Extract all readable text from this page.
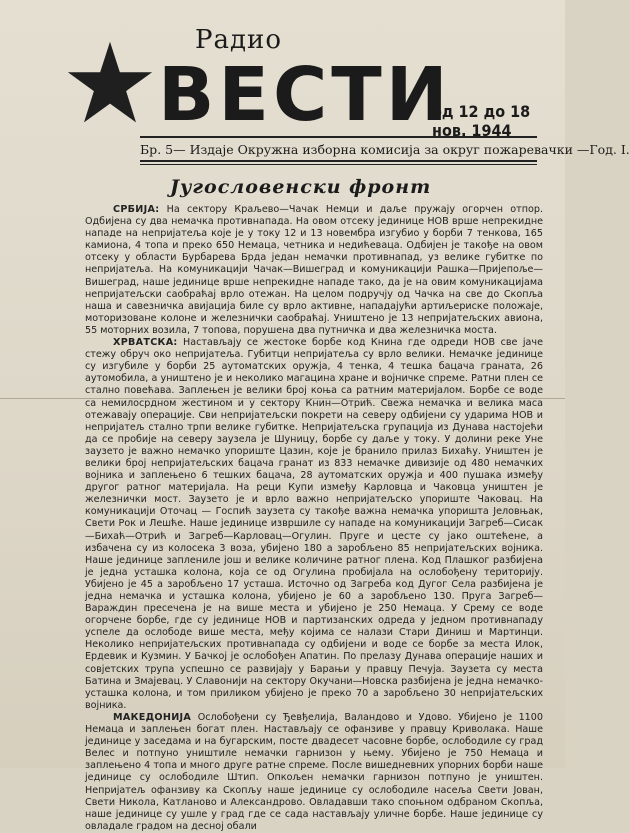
Радио
ВЕСТИ
од 12 до 18 нов. 1944
Бр. 5 — Издаје Окружна изборна комисија за округ пожаревачки — Год. I.
Југословенски фронт

СРБИЈА: На сектору Краљево—Чачак Немци и даље пружају огорчен отпор. Одбијена су два немачка противнапада. На овом отсеку јединице НОВ врше непрекидне нападе на непријатеља које је у току 12 и 13 новембра изгубио у борби 7 тенкова, 165 камиона, 4 топа и преко 650 Немаца, четника и недићеваца. Одбијен је такође на овом отсеку у области Бурбарева Брда један немачки противнапад, уз велике губитке по непријатеља. На комуникацији Чачак—Вишеград и комуникацији Рашка—Пријепоље—Вишеград, наше јединице врше непрекидне нападе тако, да је на овим комуникацијама непријатељски саобраћај врло отежан. На целом подручју од Чачка на све до Скопља наша и савезничка авијација биле су врло активне, нападајући артиљериске положаје, моторизоване колоне и железнички саобраћај. Уништено је 13 непријатељских авиона, 55 моторних возила, 7 топова, порушена два путничка и два железничка моста.

ХРВАТСКА: Настављају се жестоке борбе код Книна где одреди НОВ све јаче стежу обруч око непријатеља. Губитци непријатеља су врло велики. Немачке јединице су изгубиле у борби 25 аутоматских оружја, 4 тенка, 4 тешка бацача граната, 26 аутомобила, а уништено је и неколико магацина хране и војничке спреме. Ратни плен се стално повећава. Заплењен је велики број коња са ратним материјалом. Борбе се воде са немилосрдном жестином и у сектору Книн—Отрић. Свежа немачка и велика маса отежавају операције. Сви непријатељски покрети на северу одбијени су ударима НОВ и непријатељ стално трпи велике губитке. Непријатељска групација из Дунава настојећи да се пробије на северу заузела је Шуницу, борбе су даље у току. У долини реке Уне заузето је важно немачко упориште Цазин, које је бранило прилаз Бихаћу. Уништен је велики број непријатељских бацача гранат из 833 немачке дивизије од 480 немачких војника и заплењено 6 тешких бацача, 28 аутоматских оружја и 400 пушака између другог ратног материјала. На реци Купи између Карловца и Чаковца уништен је железнички мост. Заузето је и врло важно непријатељско упориште Чаковац. На комуникацији Оточац — Госпић заузета су такође важна немачка упоришта Јеловњак, Свети Рок и Лешће. Наше јединице извршиле су нападе на комуникацији Загреб—Сисак—Бихаћ—Отрић и Загреб—Карловац—Огулин. Пруге и цесте су јако оштећене, а избачена су из колосека 3 воза, убијено 180 а заробљено 85 непријатељских војника. Наше јединице заплениле још и велике количине ратног плена. Код Плашког разбијена је једна усташка колона, која се од Огулина пробијала на ослобођену територију. Убијено је 45 а заробљено 17 усташа. Источно од Загреба код Дугог Села разбијена је једна немачка и усташка колона, убијено је 60 а заробљено 130. Пруга Загреб—Вараждин пресечена је на више места и убијено је 250 Немаца. У Срему се воде огорчене борбе, где су јединице НОВ и партизанских одреда у једном противнападу успеле да ослободе више места, међу којима се налази Стари Диниш и Мартинци. Неколико непријатељских противнапада су одбијени и воде се борбе за места Илок, Ердевик и Кузмин. У Бачкој је ослобођен Апатин. По прелазу Дунава операције наших и совјетских трупа успешно се развијају у Барањи у правцу Печуја. Заузета су места Батина и Змајевац. У Славонији на сектору Окучани—Новска разбијена је једна немачко-усташка колона, и том приликом убијено је преко 70 а заробљено 30 непријатељских војника.

МАКЕДОНИЈА Ослобођени су Ђевђелија, Валандово и Удово. Убијено је 1100 Немаца и заплењен богат плен. Настављају се офанзиве у правцу Криволака. Наше јединице у заседама и на бугарским, посте двадесет часовне борбе, ослободиле су град Велес и потпуно уништиле немачки гарнизон у њему. Убијено је 750 Немаца и заплењено 4 топа и много друге ратне спреме. После вишедневних упорних борби наше јединице су ослободиле Штип. Опкољен немачки гарнизон потпуно је уништен. Непријатељ офанзиву ка Скопљу наше јединице су ослободиле насеља Свети Јован, Свети Никола, Катланово и Александрово. Овладавши тако споњном одбраном Скопља, наше јединице су ушле у град где се сада настављају уличне борбе. Наше јединице су овладале градом на десној обали
